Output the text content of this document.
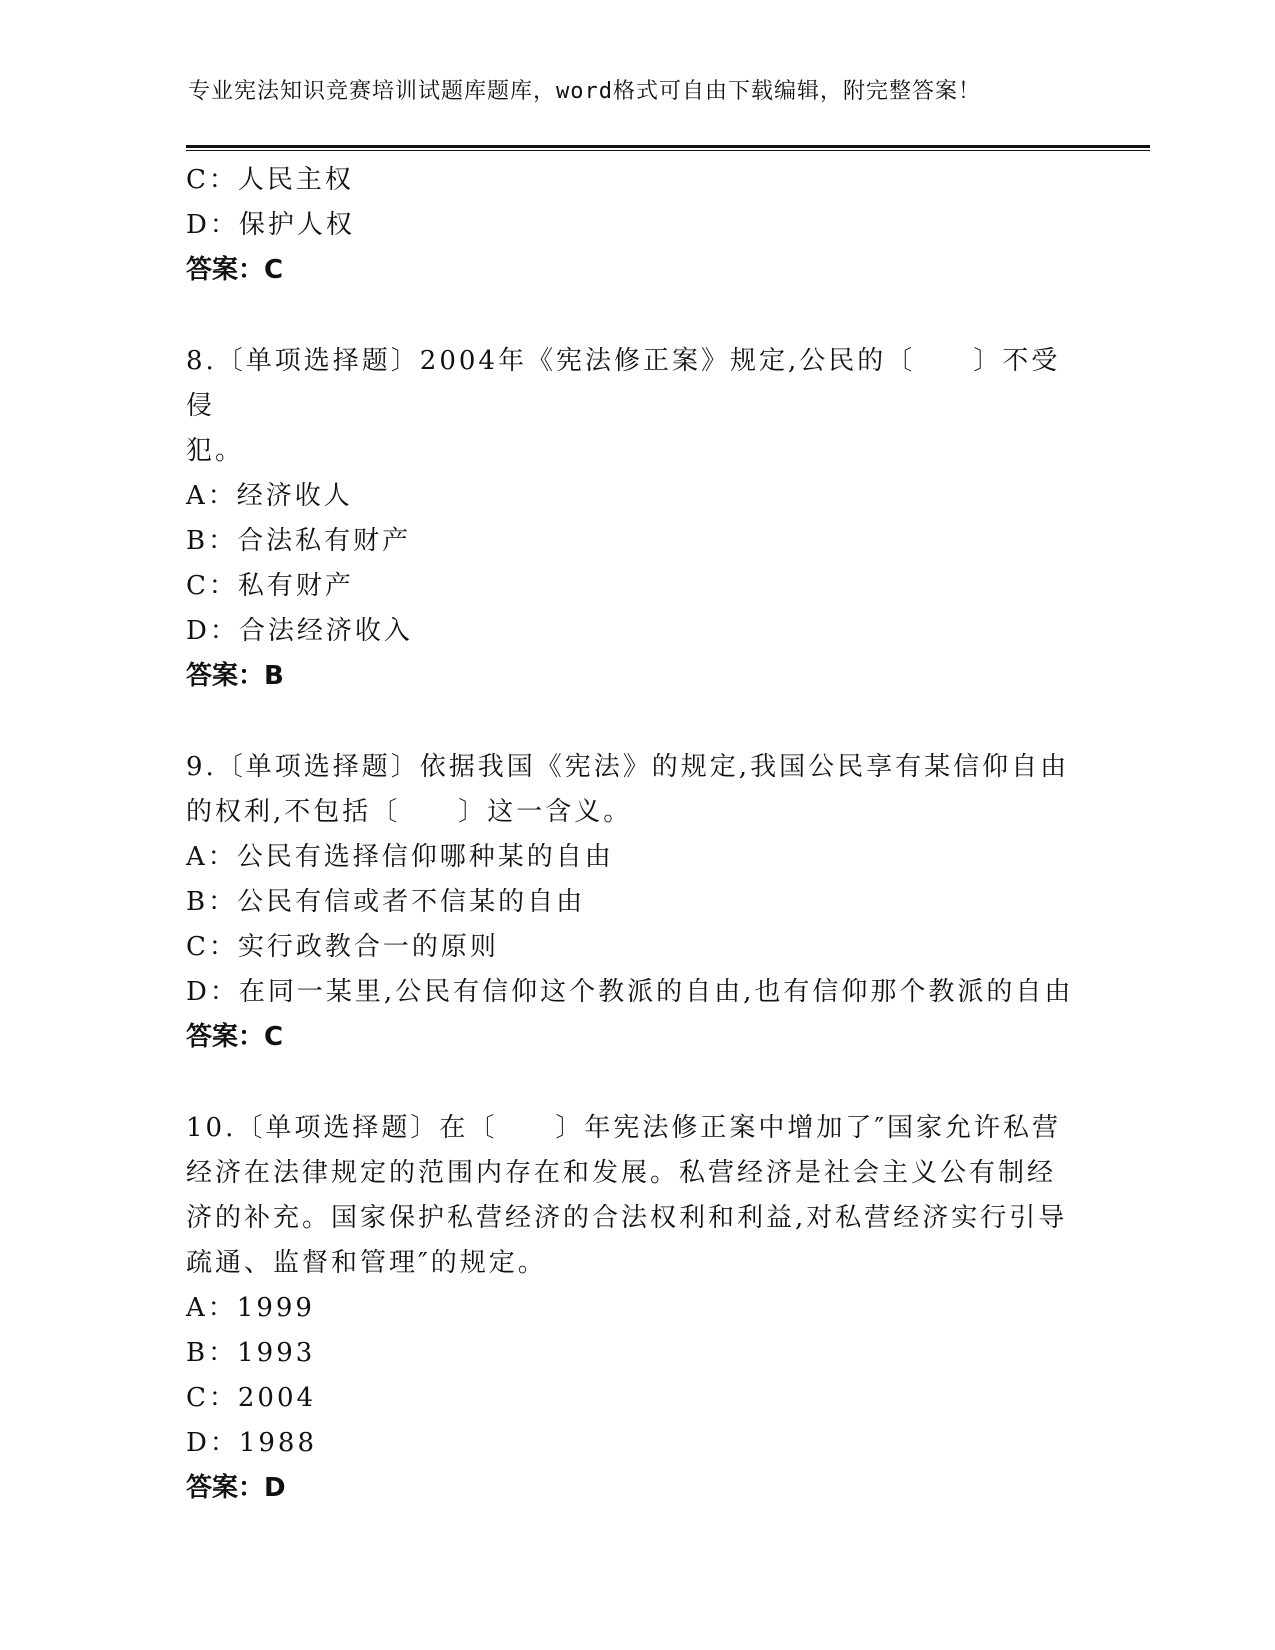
专业宪法知识竞赛培训试题库题库，word格式可自由下载编辑，附完整答案！
C：人民主权
D：保护人权
答案：C
8.〔单项选择题〕2004年《宪法修正案》规定,公民的〔　　〕不受侵
犯。
A：经济收人
B：合法私有财产
C：私有财产
D：合法经济收入
答案：B
9.〔单项选择题〕依据我国《宪法》的规定,我国公民享有某信仰自由
的权利,不包括〔　　〕这一含义。
A：公民有选择信仰哪种某的自由
B：公民有信或者不信某的自由
C：实行政教合一的原则
D：在同一某里,公民有信仰这个教派的自由,也有信仰那个教派的自由
答案：C
10.〔单项选择题〕在〔　　〕年宪法修正案中增加了″国家允许私营
经济在法律规定的范围内存在和发展。私营经济是社会主义公有制经
济的补充。国家保护私营经济的合法权利和利益,对私营经济实行引导
疏通、监督和管理″的规定。
A：1999
B：1993
C：2004
D：1988
答案：D
